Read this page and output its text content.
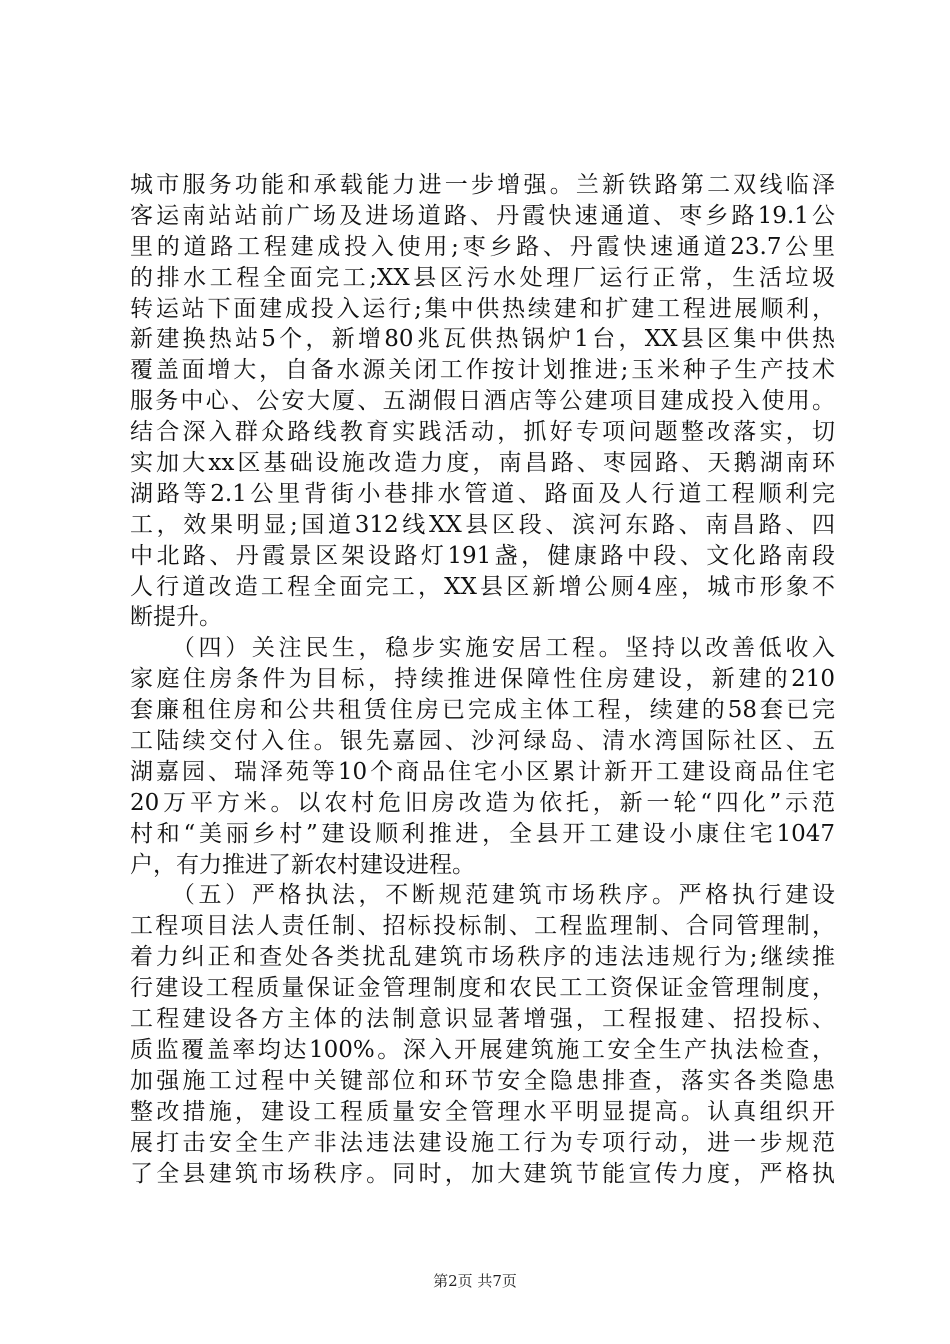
城市服务功能和承载能力进一步增强。兰新铁路第二双线临泽
客运南站站前广场及进场道路、丹霞快速通道、枣乡路19.1公
里的道路工程建成投入使用;枣乡路、丹霞快速通道23.7公里
的排水工程全面完工;XX县区污水处理厂运行正常，生活垃圾
转运站下面建成投入运行;集中供热续建和扩建工程进展顺利，
新建换热站5个，新增80兆瓦供热锅炉1台，XX县区集中供热
覆盖面增大，自备水源关闭工作按计划推进;玉米种子生产技术
服务中心、公安大厦、五湖假日酒店等公建项目建成投入使用。
结合深入群众路线教育实践活动，抓好专项问题整改落实，切
实加大xx区基础设施改造力度，南昌路、枣园路、天鹅湖南环
湖路等2.1公里背街小巷排水管道、路面及人行道工程顺利完
工，效果明显;国道312线XX县区段、滨河东路、南昌路、四
中北路、丹霞景区架设路灯191盏，健康路中段、文化路南段
人行道改造工程全面完工，XX县区新增公厕4座，城市形象不
断提升。
　　（四）关注民生，稳步实施安居工程。坚持以改善低收入
家庭住房条件为目标，持续推进保障性住房建设，新建的210
套廉租住房和公共租赁住房已完成主体工程，续建的58套已完
工陆续交付入住。银先嘉园、沙河绿岛、清水湾国际社区、五
湖嘉园、瑞泽苑等10个商品住宅小区累计新开工建设商品住宅
20万平方米。以农村危旧房改造为依托，新一轮“四化”示范
村和“美丽乡村”建设顺利推进，全县开工建设小康住宅1047
户，有力推进了新农村建设进程。
　　（五）严格执法，不断规范建筑市场秩序。严格执行建设
工程项目法人责任制、招标投标制、工程监理制、合同管理制，
着力纠正和查处各类扰乱建筑市场秩序的违法违规行为;继续推
行建设工程质量保证金管理制度和农民工工资保证金管理制度，
工程建设各方主体的法制意识显著增强，工程报建、招投标、
质监覆盖率均达100%。深入开展建筑施工安全生产执法检查，
加强施工过程中关键部位和环节安全隐患排查，落实各类隐患
整改措施，建设工程质量安全管理水平明显提高。认真组织开
展打击安全生产非法违法建设施工行为专项行动，进一步规范
了全县建筑市场秩序。同时，加大建筑节能宣传力度，严格执
第2页 共7页
